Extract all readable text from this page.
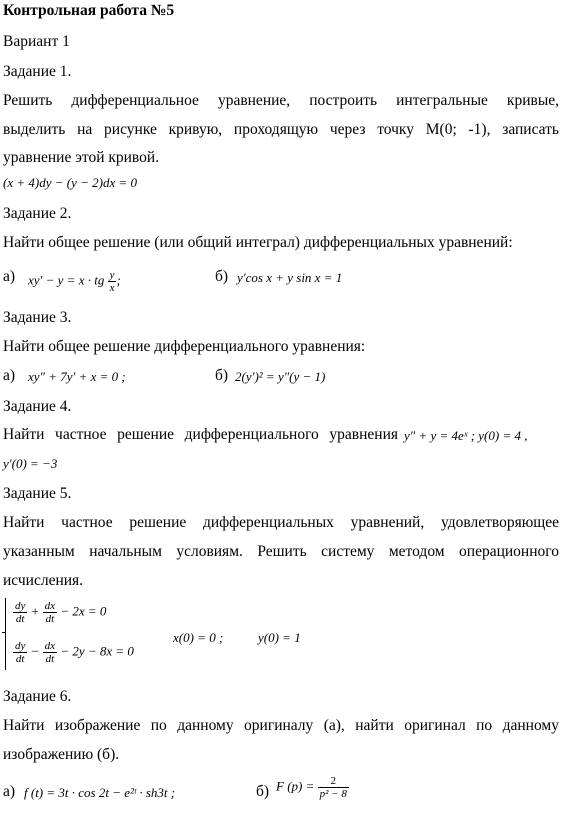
Контрольная работа №5
Вариант 1
Задание 1.
Решить дифференциальное уравнение, построить интегральные кривые,
выделить на рисунке кривую, проходящую через точку M(0; -1), записать
уравнение этой кривой.
(x + 4)dy − (y − 2)dx = 0
Задание 2.
Найти общее решение (или общий интеграл) дифференциальных уравнений:
а) xy′ − y = x · tg $\frac{y}{x}$ ;	б) y′cos x + y sin x = 1
Задание 3.
Найти общее решение дифференциального уравнения:
а) xy″ + 7y′ + x = 0 ;	б) 2(y′)² = y″(y − 1)
Задание 4.
Найти частное решение дифференциального уравнения y″ + y = 4eˣ ; y(0) = 4 ,
y′(0) = −3
Задание 5.
Найти частное решение дифференциальных уравнений, удовлетворяющее
указанным начальным условиям. Решить систему методом операционного
исчисления.
$\frac{dy}{dt} + \frac{dx}{dt} - 2x = 0$
$\frac{dy}{dt} - \frac{dx}{dt} - 2y - 8x = 0$
x(0) = 0 ;	y(0) = 1
Задание 6.
Найти изображение по данному оригиналу (а), найти оригинал по данному
изображению (б).
а) f (t) = 3t · cos 2t − e²ᵗ · sh3t ;	б) F $(p) = \frac{2}{\text{p² − 8}}$
